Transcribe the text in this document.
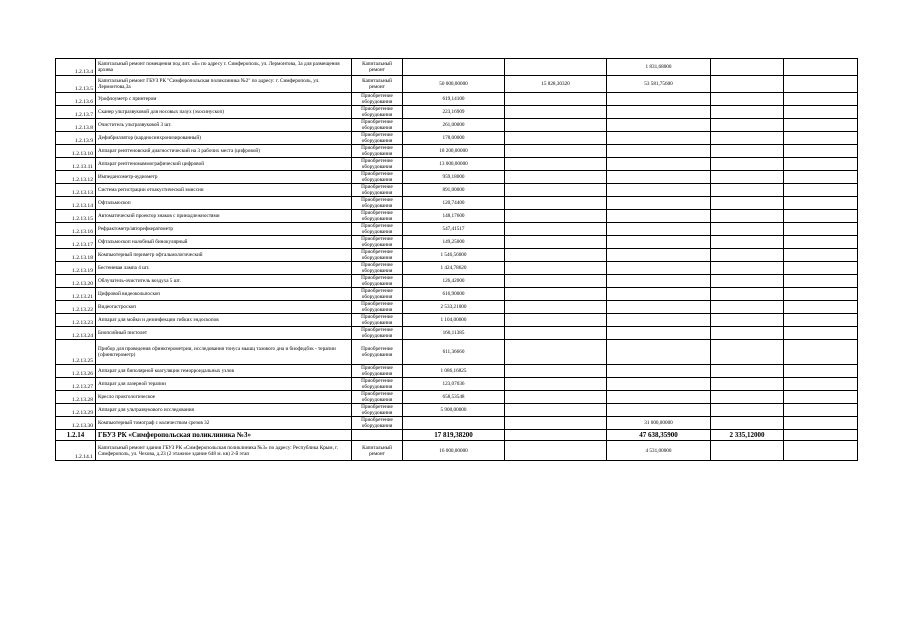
1.2.13.4	Капитальный ремонт помещения под лит. «Б» по адресу г. Симферополь, ул. Лермонтова, 3а для размещения архива	Капитальный ремонт			1 831,68000		
1.2.13.5	Капитальный ремонт ГБУЗ РК "Симферопольская поликлиника №2" по адресу: г. Симферополь, ул. Лермонтова,3а	Капитальный ремонт	50 000,00000	15 828,30320	53 581,75600		
1.2.13.6	Урофлоуметр с принтером	Приобретение оборудования	619,14100				
1.2.13.7	Сканер ультразвуковой для носовых пазух (эхосинускоп)	Приобретение оборудования	223,16909				
1.2.13.8	Очиститель ультразвуковой 3 шт.	Приобретение оборудования	261,00000				
1.2.13.9	Дефибриллятор (кардиосинхронизированный)	Приобретение оборудования	178,00000				
1.2.13.10	Аппарат рентгеновский диагностический на 3 рабочих места (цифровой)	Приобретение оборудования	18 200,00000				
1.2.13.11	Аппарат рентгеномаммографический цифровой	Приобретение оборудования	13 000,00000				
1.2.13.12	Импедансометр-аудиометр	Приобретение оборудования	959,18000				
1.2.13.13	Система регистрации отоакустической эмиссии	Приобретение оборудования	891,00000				
1.2.13.14	Офтальмоскоп	Приобретение оборудования	120,74400				
1.2.13.15	Автоматический проектор знаков с принадлежностями	Приобретение оборудования	148,17600				
1.2.13.16	Рефрактометр/авторефкератометр	Приобретение оборудования	547,41517				
1.2.13.17	Офтальмоскоп налобный бинокулярный	Приобретение оборудования	149,25000				
1.2.13.18	Компьютерный периметр офтальмологический	Приобретение оборудования	1 546,56000				
1.2.13.19	Бестеневая лампа 4 шт.	Приобретение оборудования	1 424,78620				
1.2.13.20	Облучатель-очиститель воздуха 5 шт.	Приобретение оборудования	126,42000				
1.2.13.21	Цифровой видеокольпоскоп	Приобретение оборудования	616,90000				
1.2.13.22	Видеогастроскоп	Приобретение оборудования	2 533,21000				
1.2.13.23	Аппарат для мойки и дезинфекции гибких эндоскопов	Приобретение оборудования	1 104,00000				
1.2.13.24	Биопсийный пистолет	Приобретение оборудования	160,11385				
1.2.13.25	Прибор для проведения сфинктерометрии, исследования тонуса мышц тазового дна и биофидбэк - терапии (сфинктерометр)	Приобретение оборудования	611,36660				
1.2.13.26	Аппарат для биполярной коагуляции геморроидальных узлов	Приобретение оборудования	1 086,16825				
1.2.13.27	Аппарат для лазерной терапии	Приобретение оборудования	123,07036				
1.2.13.28	Кресло проктологическое	Приобретение оборудования	658,53548				
1.2.13.29	Аппарат для ультразвукового исследования	Приобретение оборудования	5 900,00000				
1.2.13.30	Компьютерный томограф с количеством срезов 32	Приобретение оборудования			31 000,00000		
1.2.14	ГБУЗ РК «Симферопольская поликлиника №3»		17 819,38200		47 638,35900	2 335,12000	
1.2.14.1	Капитальный ремонт здания ГБУЗ РК «Симферопольская поликлиника №3» по адресу: Республика Крым, г. Симферополь, ул. Чехова, д.23 (2 этажное здание 648 м. кв) 2-й этап	Капитальный ремонт	16 000,00000		4 531,00000		
